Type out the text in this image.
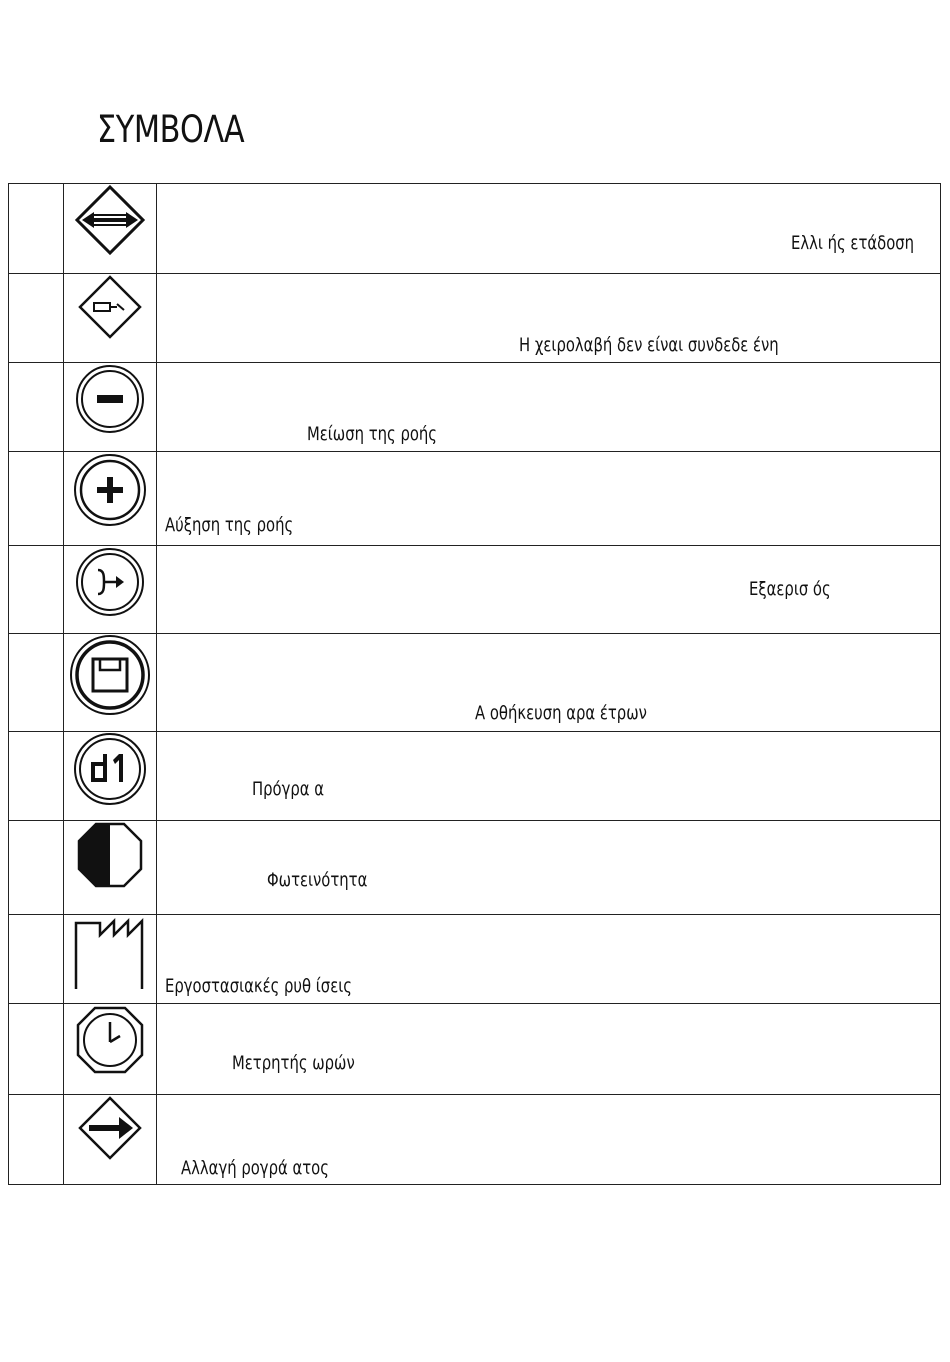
ΣΥΜΒΟΛΑ

Ελλι ής ετάδοση

Η χειρολαβή δεν είναι συνδεδε ένη

Μείωση της ροής

Αύξηση της ροής

Εξαερισ ός

Α οθήκευση αρα έτρων

Πρόγρα α

Φωτεινότητα

Εργοστασιακές ρυθ ίσεις

Μετρητής ωρών

Αλλαγή ρογρά ατος
